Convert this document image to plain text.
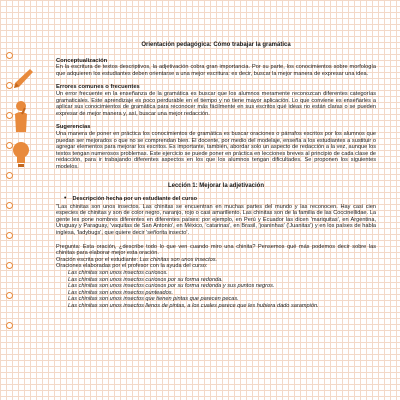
Orientación pedagógica: Cómo trabajar la gramática

Conceptualización

En la escritura de textos descriptivos, la adjetivación cobra gran importancia. Por su parte, los conocimientos sobre morfología que adquieren los estudiantes deben orientarse a una mejor escritura: es decir, buscar la mejor manera de expresar una idea.

Errores comunes o frecuentes

Un error frecuente en la enseñanza de la gramática es buscar que los alumnos meramente reconozcan diferentes categorías gramaticales. Este aprendizaje es poco perdurable en el tiempo y no tiene mayor aplicación. Lo que conviene es enseñarles a aplicar sus conocimientos de gramática para reconocer más fácilmente en sus escritos qué ideas no están claras o se pueden expresar de mejor manera y, así, buscar una mejor redacción.

Sugerencias

Una manera de poner en práctica los conocimientos de gramática es buscar oraciones o párrafos escritos por los alumnos que puedan ser mejorados o que no se comprendan bien. El docente, por medio del modelaje, enseña a los estudiantes a sustituir o agregar elementos para mejorar los escritos. Es importante, también, abordar solo un aspecto de redacción a la vez, aunque los textos tengan numerosos problemas. Este ejercicio se puede poner en práctica en lecciones breves al principio de cada clase de redacción, para ir trabajando diferentes aspectos en los que los alumnos tengan dificultades. Se proponen los siguientes modelos.

Lección 1: Mejorar la adjetivación

• Descripción hecha por un estudiante del curso

"Las chinitas son unos insectos. Las chinitas se encuentran en muchas partes del mundo y las reconocen. Hay casi cien especies de chinitas y son de color negro, naranjo, rojo o casi amarillento. Las chinitas son de la familia de las Coccinellidae. La gente les pone nombres diferentes en diferentes países: por ejemplo, en Perú y Ecuador las dicen 'mariquitas', en Argentina, Uruguay y Paraguay, 'vaquitas de San Antonio', en México, 'catarinas', en Brasil, 'joaninhas' ('Juanitas') y en los países de habla inglesa, 'ladybugs', que quiere decir 'señorita insecto'.

Pregunta: Esta oración, ¿describe todo lo que ven cuando miro una chinita? Pensemos qué más podemos decir sobre las chinitas para elaborar mejor esta oración.

Oración escrita por el estudiante: Las chinitas son unos insectos.
Oraciones elaboradas por el profesor con la ayuda del curso:
Las chinitas son unos insectos curiosos.
Las chinitas son unos insectos curiosos por su forma redonda.
Las chinitas son unos insectos curiosos por su forma redonda y sus puntos negros.
Las chinitas son unos insectos punteados.
Las chinitas son unos insectos que tienen pintas que parecen pecas.
Las chinitas son unos insectos llenos de pintas, a los cuales parece que les hubiera dado sarampión.
